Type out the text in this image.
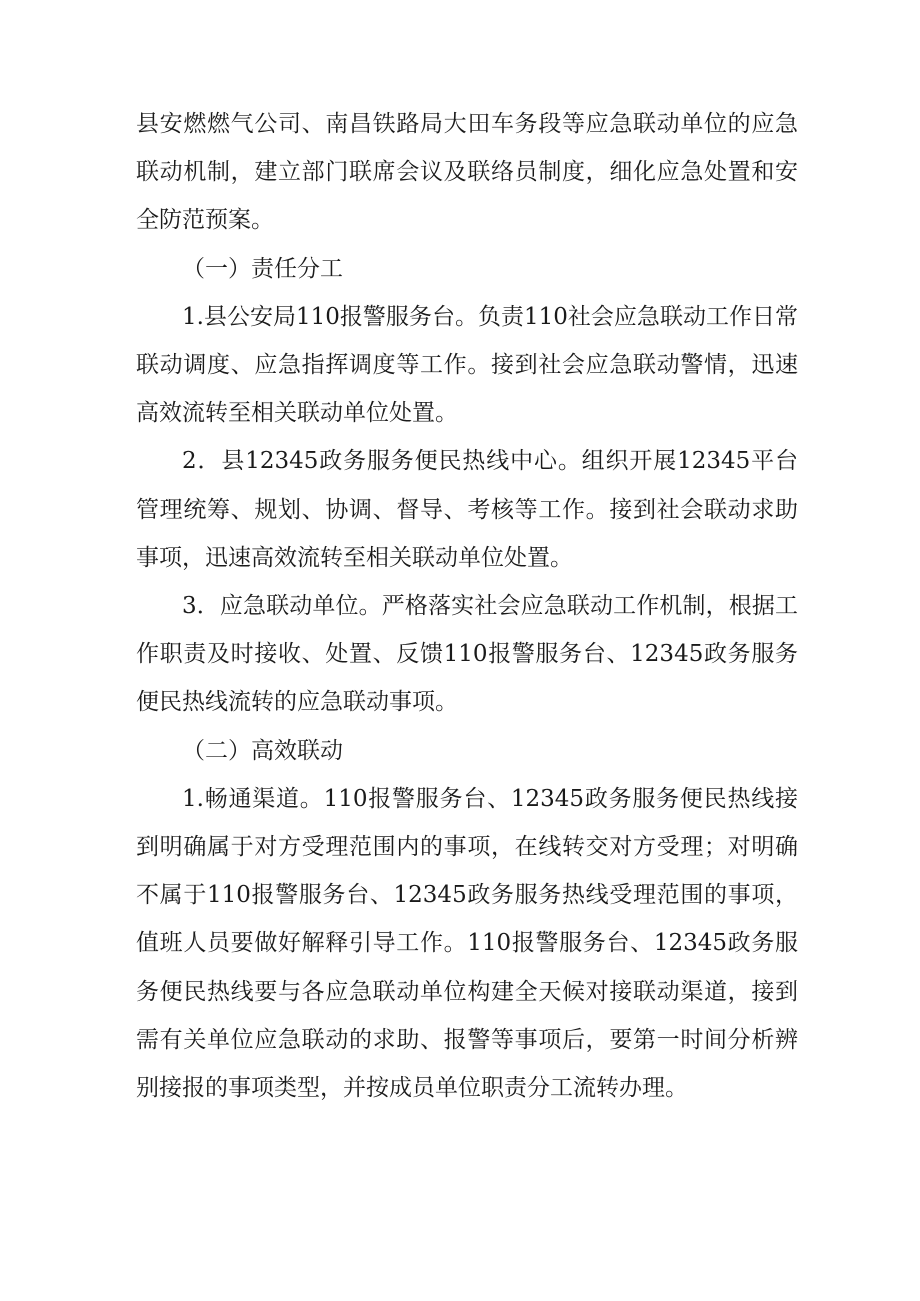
县安燃燃气公司、南昌铁路局大田车务段等应急联动单位的应急联动机制，建立部门联席会议及联络员制度，细化应急处置和安全防范预案。

（一）责任分工

1.县公安局110报警服务台。负责110社会应急联动工作日常联动调度、应急指挥调度等工作。接到社会应急联动警情，迅速高效流转至相关联动单位处置。

2．县12345政务服务便民热线中心。组织开展12345平台管理统筹、规划、协调、督导、考核等工作。接到社会联动求助事项，迅速高效流转至相关联动单位处置。

3．应急联动单位。严格落实社会应急联动工作机制，根据工作职责及时接收、处置、反馈110报警服务台、12345政务服务便民热线流转的应急联动事项。

（二）高效联动

1.畅通渠道。110报警服务台、12345政务服务便民热线接到明确属于对方受理范围内的事项，在线转交对方受理；对明确不属于110报警服务台、12345政务服务热线受理范围的事项，值班人员要做好解释引导工作。110报警服务台、12345政务服务便民热线要与各应急联动单位构建全天候对接联动渠道，接到需有关单位应急联动的求助、报警等事项后，要第一时间分析辨别接报的事项类型，并按成员单位职责分工流转办理。
